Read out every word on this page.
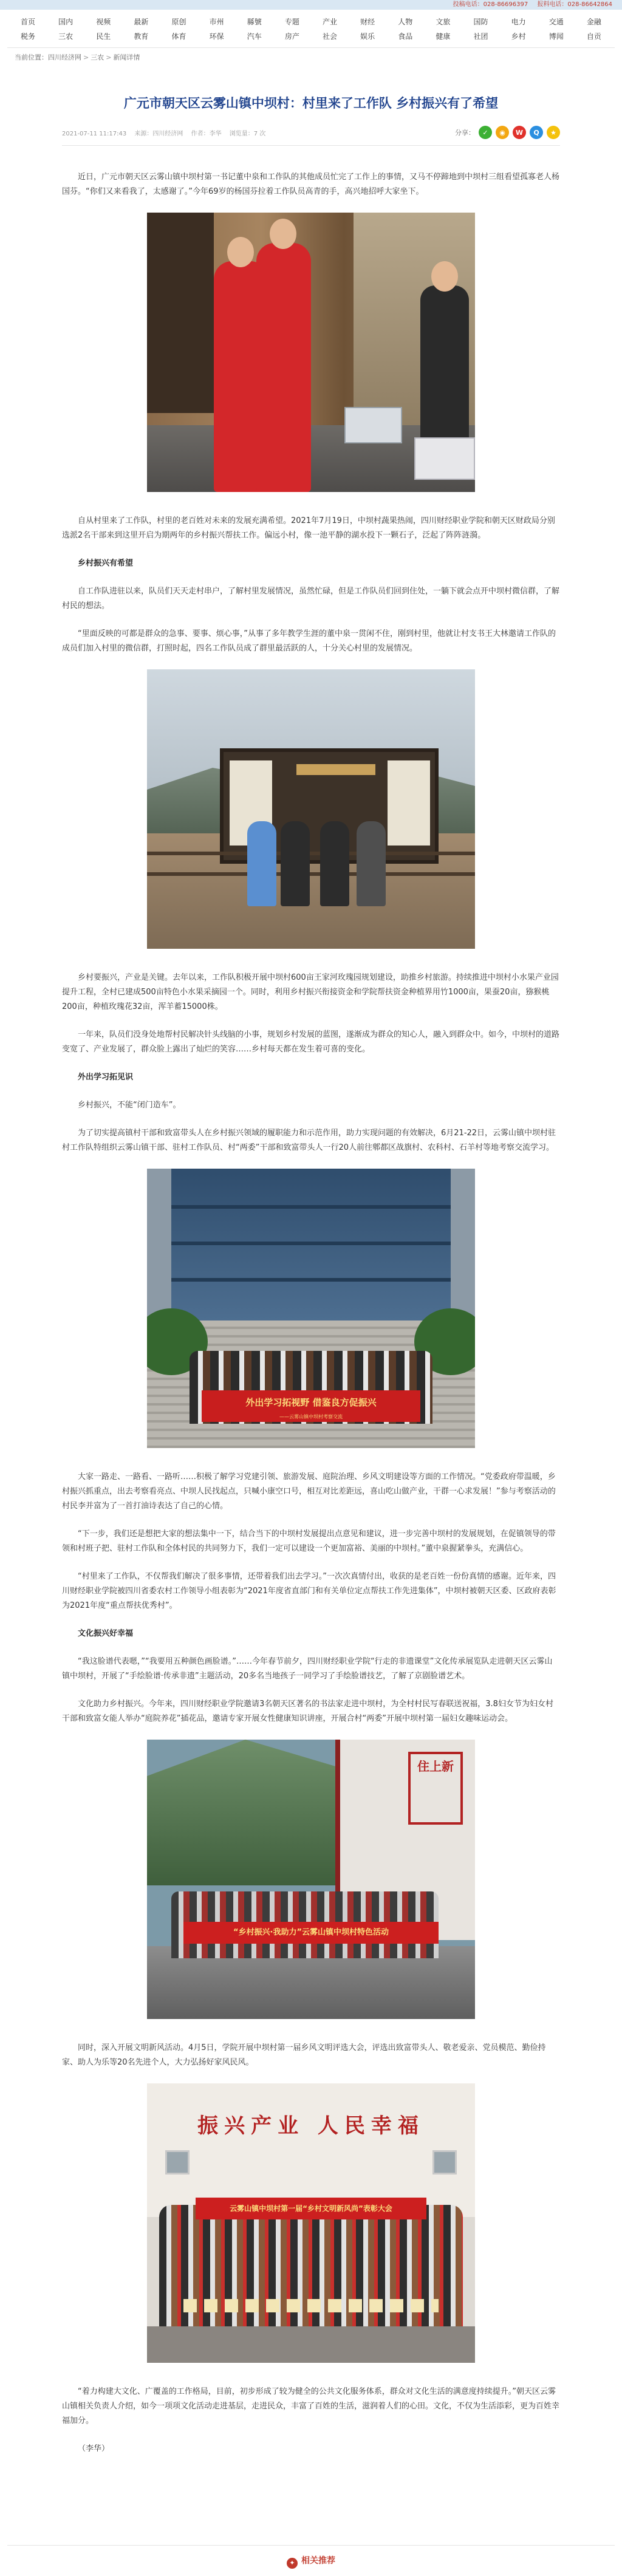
投稿电话：028-86696397 报料电话：028-86642864
首页	国内	视频	最新	原创	市州	縣號	专题	产业	财经	人物	文旅	国防	电力	交通	金融
税务	三农	民生	教育	体育	环保	汽车	房产	社会	娱乐	食品	健康	社团	乡村	博闻	自贡
当前位置：四川经济网 > 三农 > 新闻详情
广元市朝天区云雾山镇中坝村：村里来了工作队 乡村振兴有了希望
2021-07-11 11:17:43 来源：四川经济网 作者：李华 浏览量：7 次	分享：	✓	◉	W	Q	★

近日，广元市朝天区云雾山镇中坝村第一书记董中泉和工作队的其他成员忙完了工作上的事情，又马不停蹄地到中坝村三组看望孤寡老人杨国芬。“你们又来看我了，太感谢了。”今年69岁的杨国芬拉着工作队员高青的手，高兴地招呼大家坐下。

自从村里来了工作队，村里的老百姓对未来的发展充满希望。2021年7月19日，中坝村蔬果热闹，四川财经职业学院和朝天区财政局分别选派2名干部来到这里开启为期两年的乡村振兴帮扶工作。偏远小村，像一池平静的湖水投下一颗石子，泛起了阵阵涟漪。

乡村振兴有希望

自工作队进驻以来，队员们天天走村串户，了解村里发展情况，虽然忙碌，但是工作队员们回到住处，一躺下就会点开中坝村微信群，了解村民的想法。

“里面反映的可都是群众的急事、要事、烦心事，”从事了多年教学生涯的董中泉一贯闲不住，刚到村里，他就让村支书王大林邀请工作队的成员们加入村里的微信群，打照时起，四名工作队员成了群里最活跃的人，十分关心村里的发展情况。

乡村要振兴，产业是关键。去年以来，工作队积极开展中坝村600亩王家河玫瑰园规划建设，助推乡村旅游。持续推进中坝村小水果产业园提升工程，全村已建成500亩特色小水果采摘园一个。同时，利用乡村振兴衔接资金和学院帮扶资金种植界用竹1000亩，果蚕20亩，猕猴桃200亩，种植玫瑰花32亩，浑羊蓄15000株。

一年来，队员们没身处地帮村民解决针头线脑的小事，规划乡村发展的蓝图，遂渐成为群众的知心人，融入到群众中。如今，中坝村的道路变宽了、产业发展了，群众脸上露出了灿烂的笑容……乡村每天都在发生着可喜的变化。

外出学习拓见识

乡村振兴，不能“闭门造车”。

为了切实提高镇村干部和致富带头人在乡村振兴领域的履职能力和示范作用，助力实现问题的有效解决，6月21-22日，云雾山镇中坝村驻村工作队特组织云雾山镇干部、驻村工作队员、村“两委”干部和致富带头人一行20人前往郫都区战旗村、农科村、石羊村等地考察交流学习。

外出学习拓视野 借鉴良方促振兴
——云雾山镇中坝村考察交流

大家一路走、一路看、一路听……积极了解学习党建引领、旅游发展、庭院治理、乡风文明建设等方面的工作情况。“党委政府带温暖，乡村振兴抓重点，出去考察看亮点、中坝人民找起点，只喊小康空口号，相互对比差距远，喜山吃山做产业，干群一心求发展！”参与考察活动的村民李并富为了一首打油诗表达了自己的心情。

“下一步，我们还是想把大家的想法集中一下，结合当下的中坝村发展提出点意见和建议，进一步完善中坝村的发展规划，在促镇领导的带领和村班子把、驻村工作队和全体村民的共同努力下，我们一定可以建设一个更加富裕、美丽的中坝村。”董中泉握紧拳头，充满信心。

“村里来了工作队，不仅帮我们解决了很多事情，还带着我们出去学习。”一次次真情付出，收获的是老百姓一份份真情的感谢。近年来，四川财经职业学院被四川省委农村工作领导小组表彰为“2021年度省直部门和有关单位定点帮扶工作先进集体”，中坝村被朝天区委、区政府表彰为2021年度“重点帮扶优秀村”。

文化振兴好幸福

“我这脸谱代表嗯，”“我要用五种颜色画脸谱。”……今年春节前夕，四川财经职业学院“行走的非遗课堂”文化传承展览队走进朝天区云雾山镇中坝村，开展了“手绘脸谱·传承非遗”主题活动，20多名当地孩子一同学习了手绘脸谱技艺，了解了京剧脸谱艺术。

文化助力乡村振兴。今年来，四川财经职业学院邀请3名朝天区著名的书法家走进中坝村，为全村村民写春联送祝福，3.8妇女节为妇女村干部和致富女能人举办“庭院养花”插花品，邀请专家开展女性健康知识讲座，开展合村“两委”开展中坝村第一届妇女趣味运动会。

住上新
“乡村振兴·我助力”云雾山镇中坝村特色活动

同时，深入开展文明新风活动。4月5日，学院开展中坝村第一届乡风文明评选大会，评选出致富带头人、敬老爱亲、党员模范、勤俭持家、助人为乐等20名先进个人，大力弘扬好家风民风。

振兴产业 人民幸福
云雾山镇中坝村第一届“乡村文明新风尚”表彰大会

“着力构建大文化、广覆盖的工作格局，目前，初步形成了较为健全的公共文化服务体系，群众对文化生活的满意度持续提升。”朝天区云雾山镇相关负责人介绍，如今一项项文化活动走进基层，走进民众，丰富了百姓的生活，滋润着人们的心田。文化，不仅为生活添彩，更为百姓幸福加分。

（李华）

✦ 相关推荐
